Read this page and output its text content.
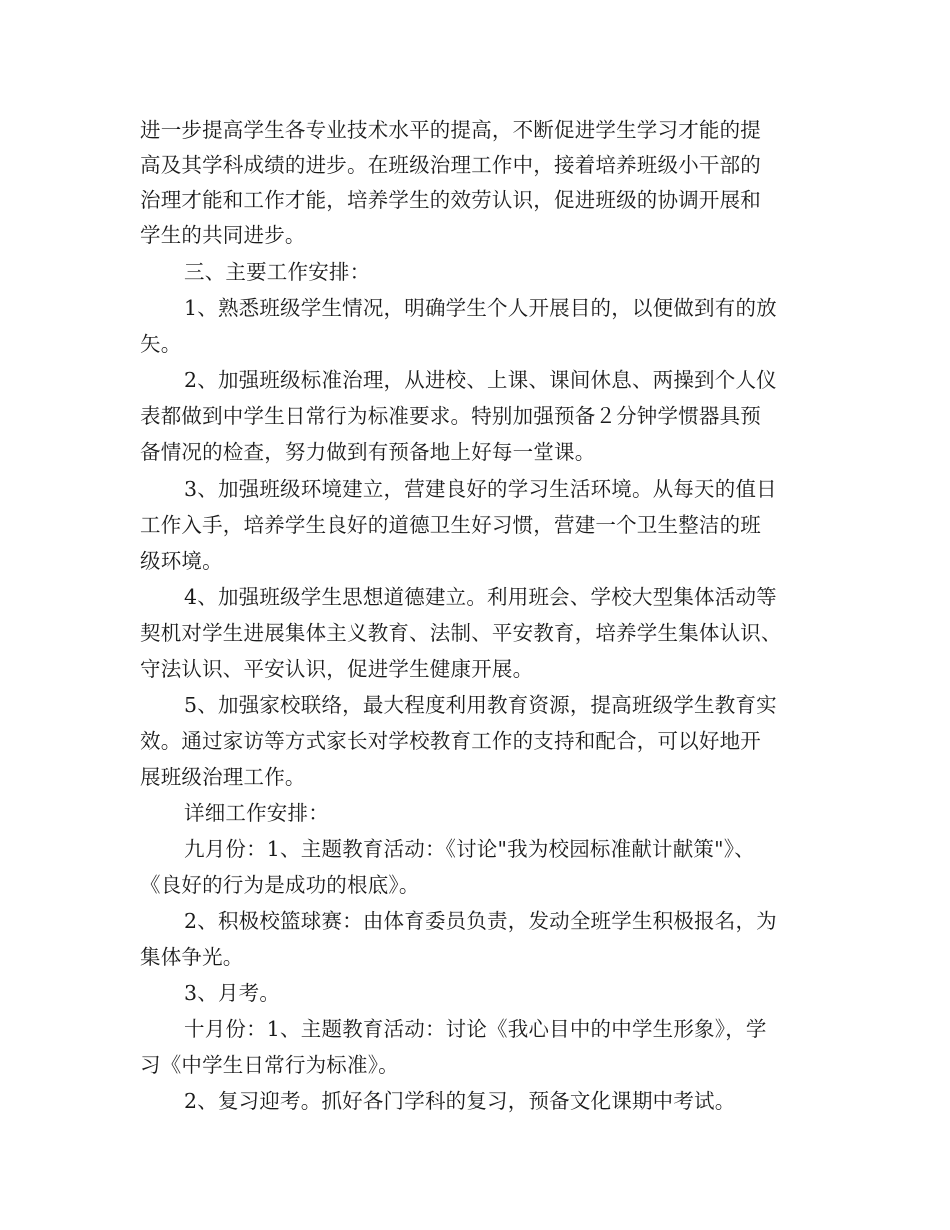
进一步提高学生各专业技术水平的提高，不断促进学生学习才能的提
高及其学科成绩的进步。在班级治理工作中，接着培养班级小干部的
治理才能和工作才能，培养学生的效劳认识，促进班级的协调开展和
学生的共同进步。
三、主要工作安排：
1、熟悉班级学生情况，明确学生个人开展目的，以便做到有的放
矢。
2、加强班级标准治理，从进校、上课、课间休息、两操到个人仪
表都做到中学生日常行为标准要求。特别加强预备２分钟学惯器具预
备情况的检查，努力做到有预备地上好每一堂课。
3、加强班级环境建立，营建良好的学习生活环境。从每天的值日
工作入手，培养学生良好的道德卫生好习惯，营建一个卫生整洁的班
级环境。
4、加强班级学生思想道德建立。利用班会、学校大型集体活动等
契机对学生进展集体主义教育、法制、平安教育，培养学生集体认识、
守法认识、平安认识，促进学生健康开展。
5、加强家校联络，最大程度利用教育资源，提高班级学生教育实
效。通过家访等方式家长对学校教育工作的支持和配合，可以好地开
展班级治理工作。
详细工作安排：
九月份：1、主题教育活动：《讨论"我为校园标准献计献策"》、
《良好的行为是成功的根底》。
2、积极校篮球赛：由体育委员负责，发动全班学生积极报名，为
集体争光。
3、月考。
十月份：1、主题教育活动：讨论《我心目中的中学生形象》，学
习《中学生日常行为标准》。
2、复习迎考。抓好各门学科的复习，预备文化课期中考试。
